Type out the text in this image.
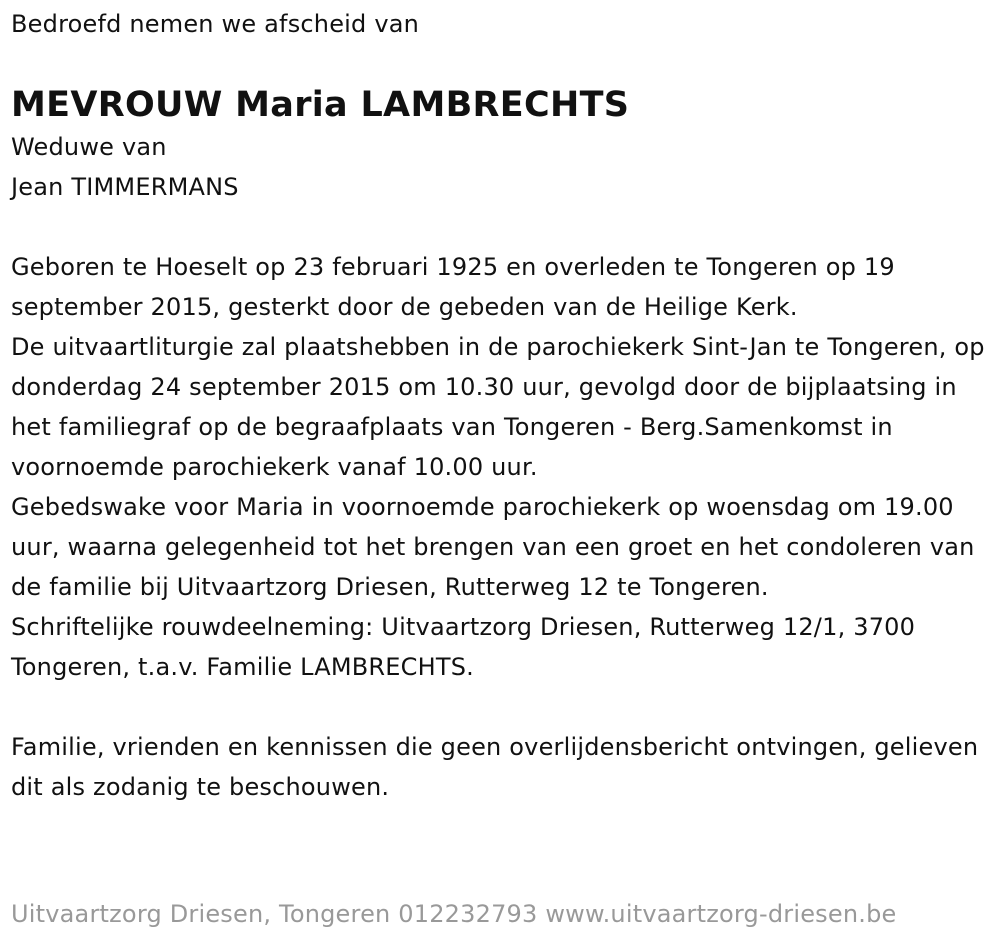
Bedroefd nemen we afscheid van

MEVROUW Maria LAMBRECHTS

Weduwe van

Jean TIMMERMANS

Geboren te Hoeselt op 23 februari 1925 en overleden te Tongeren op 19 september 2015, gesterkt door de gebeden van de Heilige Kerk.

De uitvaartliturgie zal plaatshebben in de parochiekerk Sint-Jan te Tongeren, op donderdag 24 september 2015 om 10.30 uur, gevolgd door de bijplaatsing in het familiegraf op de begraafplaats van Tongeren - Berg.Samenkomst in voornoemde parochiekerk vanaf 10.00 uur.

Gebedswake voor Maria in voornoemde parochiekerk op woensdag om 19.00 uur, waarna gelegenheid tot het brengen van een groet en het condoleren van de familie bij Uitvaartzorg Driesen, Rutterweg 12 te Tongeren.

Schriftelijke rouwdeelneming: Uitvaartzorg Driesen, Rutterweg 12/1, 3700 Tongeren, t.a.v. Familie LAMBRECHTS.

Familie, vrienden en kennissen die geen overlijdensbericht ontvingen, gelieven dit als zodanig te beschouwen.

Uitvaartzorg Driesen, Tongeren 012232793 www.uitvaartzorg-driesen.be
